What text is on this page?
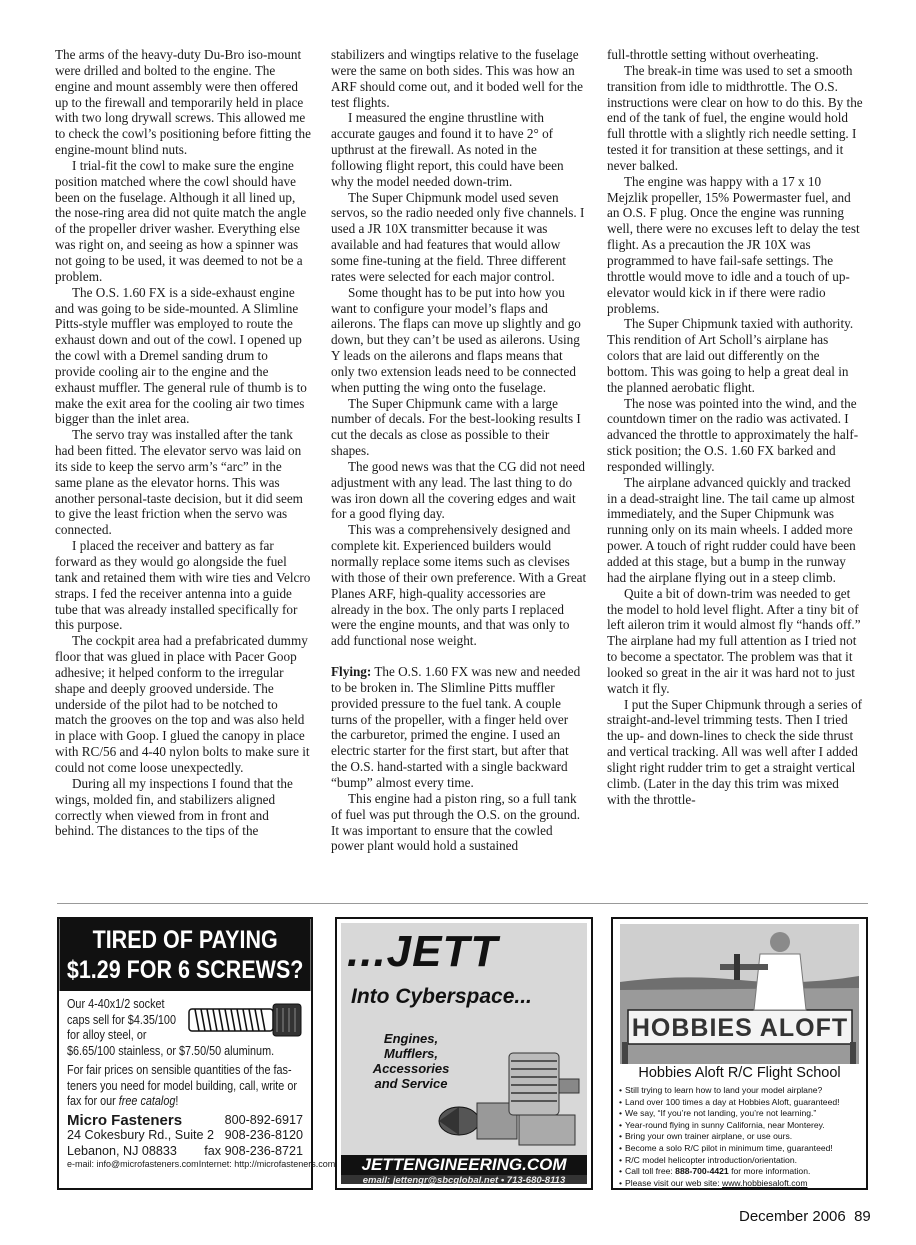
The arms of the heavy-duty Du-Bro iso-mount were drilled and bolted to the engine. The engine and mount assembly were then offered up to the firewall and temporarily held in place with two long drywall screws. This allowed me to check the cowl’s positioning before fitting the engine-mount blind nuts.

I trial-fit the cowl to make sure the engine position matched where the cowl should have been on the fuselage. Although it all lined up, the nose-ring area did not quite match the angle of the propeller driver washer. Everything else was right on, and seeing as how a spinner was not going to be used, it was deemed to not be a problem.

The O.S. 1.60 FX is a side-exhaust engine and was going to be side-mounted. A Slimline Pitts-style muffler was employed to route the exhaust down and out of the cowl. I opened up the cowl with a Dremel sanding drum to provide cooling air to the engine and the exhaust muffler. The general rule of thumb is to make the exit area for the cooling air two times bigger than the inlet area.

The servo tray was installed after the tank had been fitted. The elevator servo was laid on its side to keep the servo arm’s “arc” in the same plane as the elevator horns. This was another personal-taste decision, but it did seem to give the least friction when the servo was connected.

I placed the receiver and battery as far forward as they would go alongside the fuel tank and retained them with wire ties and Velcro straps. I fed the receiver antenna into a guide tube that was already installed specifically for this purpose.

The cockpit area had a prefabricated dummy floor that was glued in place with Pacer Goop adhesive; it helped conform to the irregular shape and deeply grooved underside. The underside of the pilot had to be notched to match the grooves on the top and was also held in place with Goop. I glued the canopy in place with RC/56 and 4-40 nylon bolts to make sure it could not come loose unexpectedly.

During all my inspections I found that the wings, molded fin, and stabilizers aligned correctly when viewed from in front and behind. The distances to the tips of the

stabilizers and wingtips relative to the fuselage were the same on both sides. This was how an ARF should come out, and it boded well for the test flights.

I measured the engine thrustline with accurate gauges and found it to have 2° of upthrust at the firewall. As noted in the following flight report, this could have been why the model needed down-trim.

The Super Chipmunk model used seven servos, so the radio needed only five channels. I used a JR 10X transmitter because it was available and had features that would allow some fine-tuning at the field. Three different rates were selected for each major control.

Some thought has to be put into how you want to configure your model’s flaps and ailerons. The flaps can move up slightly and go down, but they can’t be used as ailerons. Using Y leads on the ailerons and flaps means that only two extension leads need to be connected when putting the wing onto the fuselage.

The Super Chipmunk came with a large number of decals. For the best-looking results I cut the decals as close as possible to their shapes.

The good news was that the CG did not need adjustment with any lead. The last thing to do was iron down all the covering edges and wait for a good flying day.

This was a comprehensively designed and complete kit. Experienced builders would normally replace some items such as clevises with those of their own preference. With a Great Planes ARF, high-quality accessories are already in the box. The only parts I replaced were the engine mounts, and that was only to add functional nose weight.

Flying: The O.S. 1.60 FX was new and needed to be broken in. The Slimline Pitts muffler provided pressure to the fuel tank. A couple turns of the propeller, with a finger held over the carburetor, primed the engine. I used an electric starter for the first start, but after that the O.S. hand-started with a single backward “bump” almost every time.

This engine had a piston ring, so a full tank of fuel was put through the O.S. on the ground. It was important to ensure that the cowled power plant would hold a sustained

full-throttle setting without overheating.

The break-in time was used to set a smooth transition from idle to midthrottle. The O.S. instructions were clear on how to do this. By the end of the tank of fuel, the engine would hold full throttle with a slightly rich needle setting. I tested it for transition at these settings, and it never balked.

The engine was happy with a 17 x 10 Mejzlik propeller, 15% Powermaster fuel, and an O.S. F plug. Once the engine was running well, there were no excuses left to delay the test flight. As a precaution the JR 10X was programmed to have fail-safe settings. The throttle would move to idle and a touch of up-elevator would kick in if there were radio problems.

The Super Chipmunk taxied with authority. This rendition of Art Scholl’s airplane has colors that are laid out differently on the bottom. This was going to help a great deal in the planned aerobatic flight.

The nose was pointed into the wind, and the countdown timer on the radio was activated. I advanced the throttle to approximately the half-stick position; the O.S. 1.60 FX barked and responded willingly.

The airplane advanced quickly and tracked in a dead-straight line. The tail came up almost immediately, and the Super Chipmunk was running only on its main wheels. I added more power. A touch of right rudder could have been added at this stage, but a bump in the runway had the airplane flying out in a steep climb.

Quite a bit of down-trim was needed to get the model to hold level flight. After a tiny bit of left aileron trim it would almost fly “hands off.” The airplane had my full attention as I tried not to become a spectator. The problem was that it looked so great in the air it was hard not to just watch it fly.

I put the Super Chipmunk through a series of straight-and-level trimming tests. Then I tried the up- and down-lines to check the side thrust and vertical tracking. All was well after I added slight right rudder trim to get a straight vertical climb. (Later in the day this trim was mixed with the throttle-

TIRED OF PAYING
$1.29 FOR 6 SCREWS?
Our 4-40x1/2 socket
caps sell for $4.35/100
for alloy steel, or
$6.65/100 stainless, or $7.50/50 aluminum.
For fair prices on sensible quantities of the fas-
teners you need for model building, call, write or
fax for our free catalog!
Micro Fasteners	800-892-6917
24 Cokesbury Rd., Suite 2 908-236-8120
Lebanon, NJ 08833 fax 908-236-8721
e-mail: info@microfasteners.com Internet: http://microfasteners.com
...JETT
Into Cyberspace...
Engines,
Mufflers,
Accessories
and Service
JETTENGINEERING.COM
email: jettengr@sbcglobal.net • 713-680-8113
HOBBIES ALOFT
Hobbies Aloft R/C Flight School
• Still trying to learn how to land your model airplane?
• Land over 100 times a day at Hobbies Aloft, guaranteed!
• We say, “If you’re not landing, you’re not learning.”
• Year-round flying in sunny California, near Monterey.
• Bring your own trainer airplane, or use ours.
• Become a solo R/C pilot in minimum time, guaranteed!
• R/C model helicopter introduction/orientation.
• Call toll free: 888-700-4421 for more information.
• Please visit our web site: www.hobbiesaloft.com
December 2006 89
